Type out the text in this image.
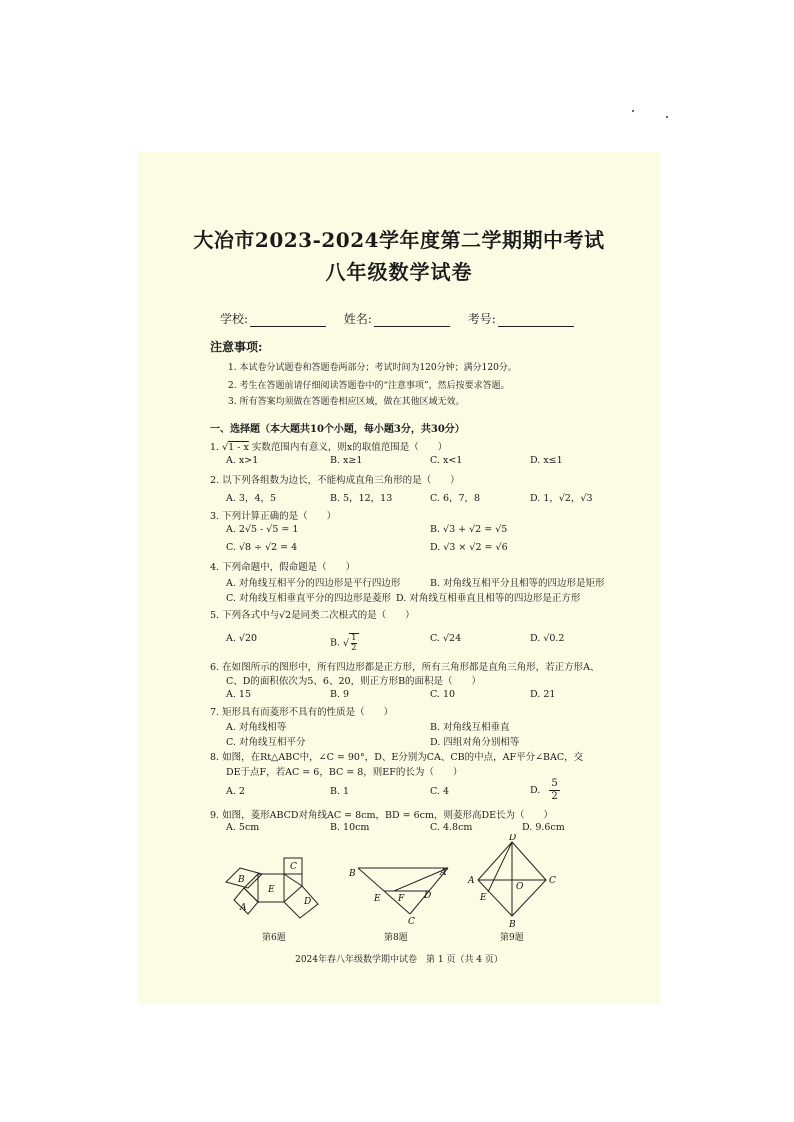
大冶市2023-2024学年度第二学期期中考试
八年级数学试卷
学校:	姓名:	考号:
注意事项:
1. 本试卷分试题卷和答题卷两部分；考试时间为120分钟；满分120分。
2. 考生在答题前请仔细阅读答题卷中的“注意事项”，然后按要求答题。
3. 所有答案均须做在答题卷相应区域，做在其他区域无效。
一、选择题（本大题共10个小题，每小题3分，共30分）
1. √1 - x 实数范围内有意义，则x的取值范围是（　　）
A. x>1	B. x≥1	C. x<1	D. x≤1
2. 以下列各组数为边长，不能构成直角三角形的是（　　）
A. 3，4，5	B. 5，12，13	C. 6，7，8	D. 1，√2，√3
3. 下列计算正确的是（　　）
A. 2√5 - √5 = 1	B. √3 + √2 = √5
C. √8 ÷ √2 = 4	D. √3 × √2 = √6
4. 下列命题中，假命题是（　　）
A. 对角线互相平分的四边形是平行四边形	B. 对角线互相平分且相等的四边形是矩形
C. 对角线互相垂直平分的四边形是菱形 D. 对角线互相垂直且相等的四边形是正方形
5. 下列各式中与√2是同类二次根式的是（　　）
A. √20	B. √ $\frac{1}{2}$	C. √24	D. √0.2
6. 在如图所示的图形中，所有四边形都是正方形，所有三角形都是直角三角形，若正方形A、
C、D的面积依次为5、6、20，则正方形B的面积是（　　）
A. 15	B. 9	C. 10	D. 21
7. 矩形具有而菱形不具有的性质是（　　）
A. 对角线相等	B. 对角线互相垂直
C. 对角线互相平分	D. 四组对角分别相等
8. 如图，在Rt△ABC中，∠C = 90°，D、E分别为CA、CB的中点，AF平分∠BAC，交
DE于点F，若AC = 6，BC = 8，则EF的长为（　　）
A. 2	B. 1	C. 4	D. $\frac{5}{2}$
9. 如图，菱形ABCD对角线AC = 8cm，BD = 6cm，则菱形高DE长为（　　）
A. 5cm	B. 10cm	C. 4.8cm	D. 9.6cm
B
A
E
C
D
第6题
B	A
E F D
C
第8题
D
A	C
O
E
B
第9题
2024年春八年级数学期中试卷　第 1 页（共 4 页）
